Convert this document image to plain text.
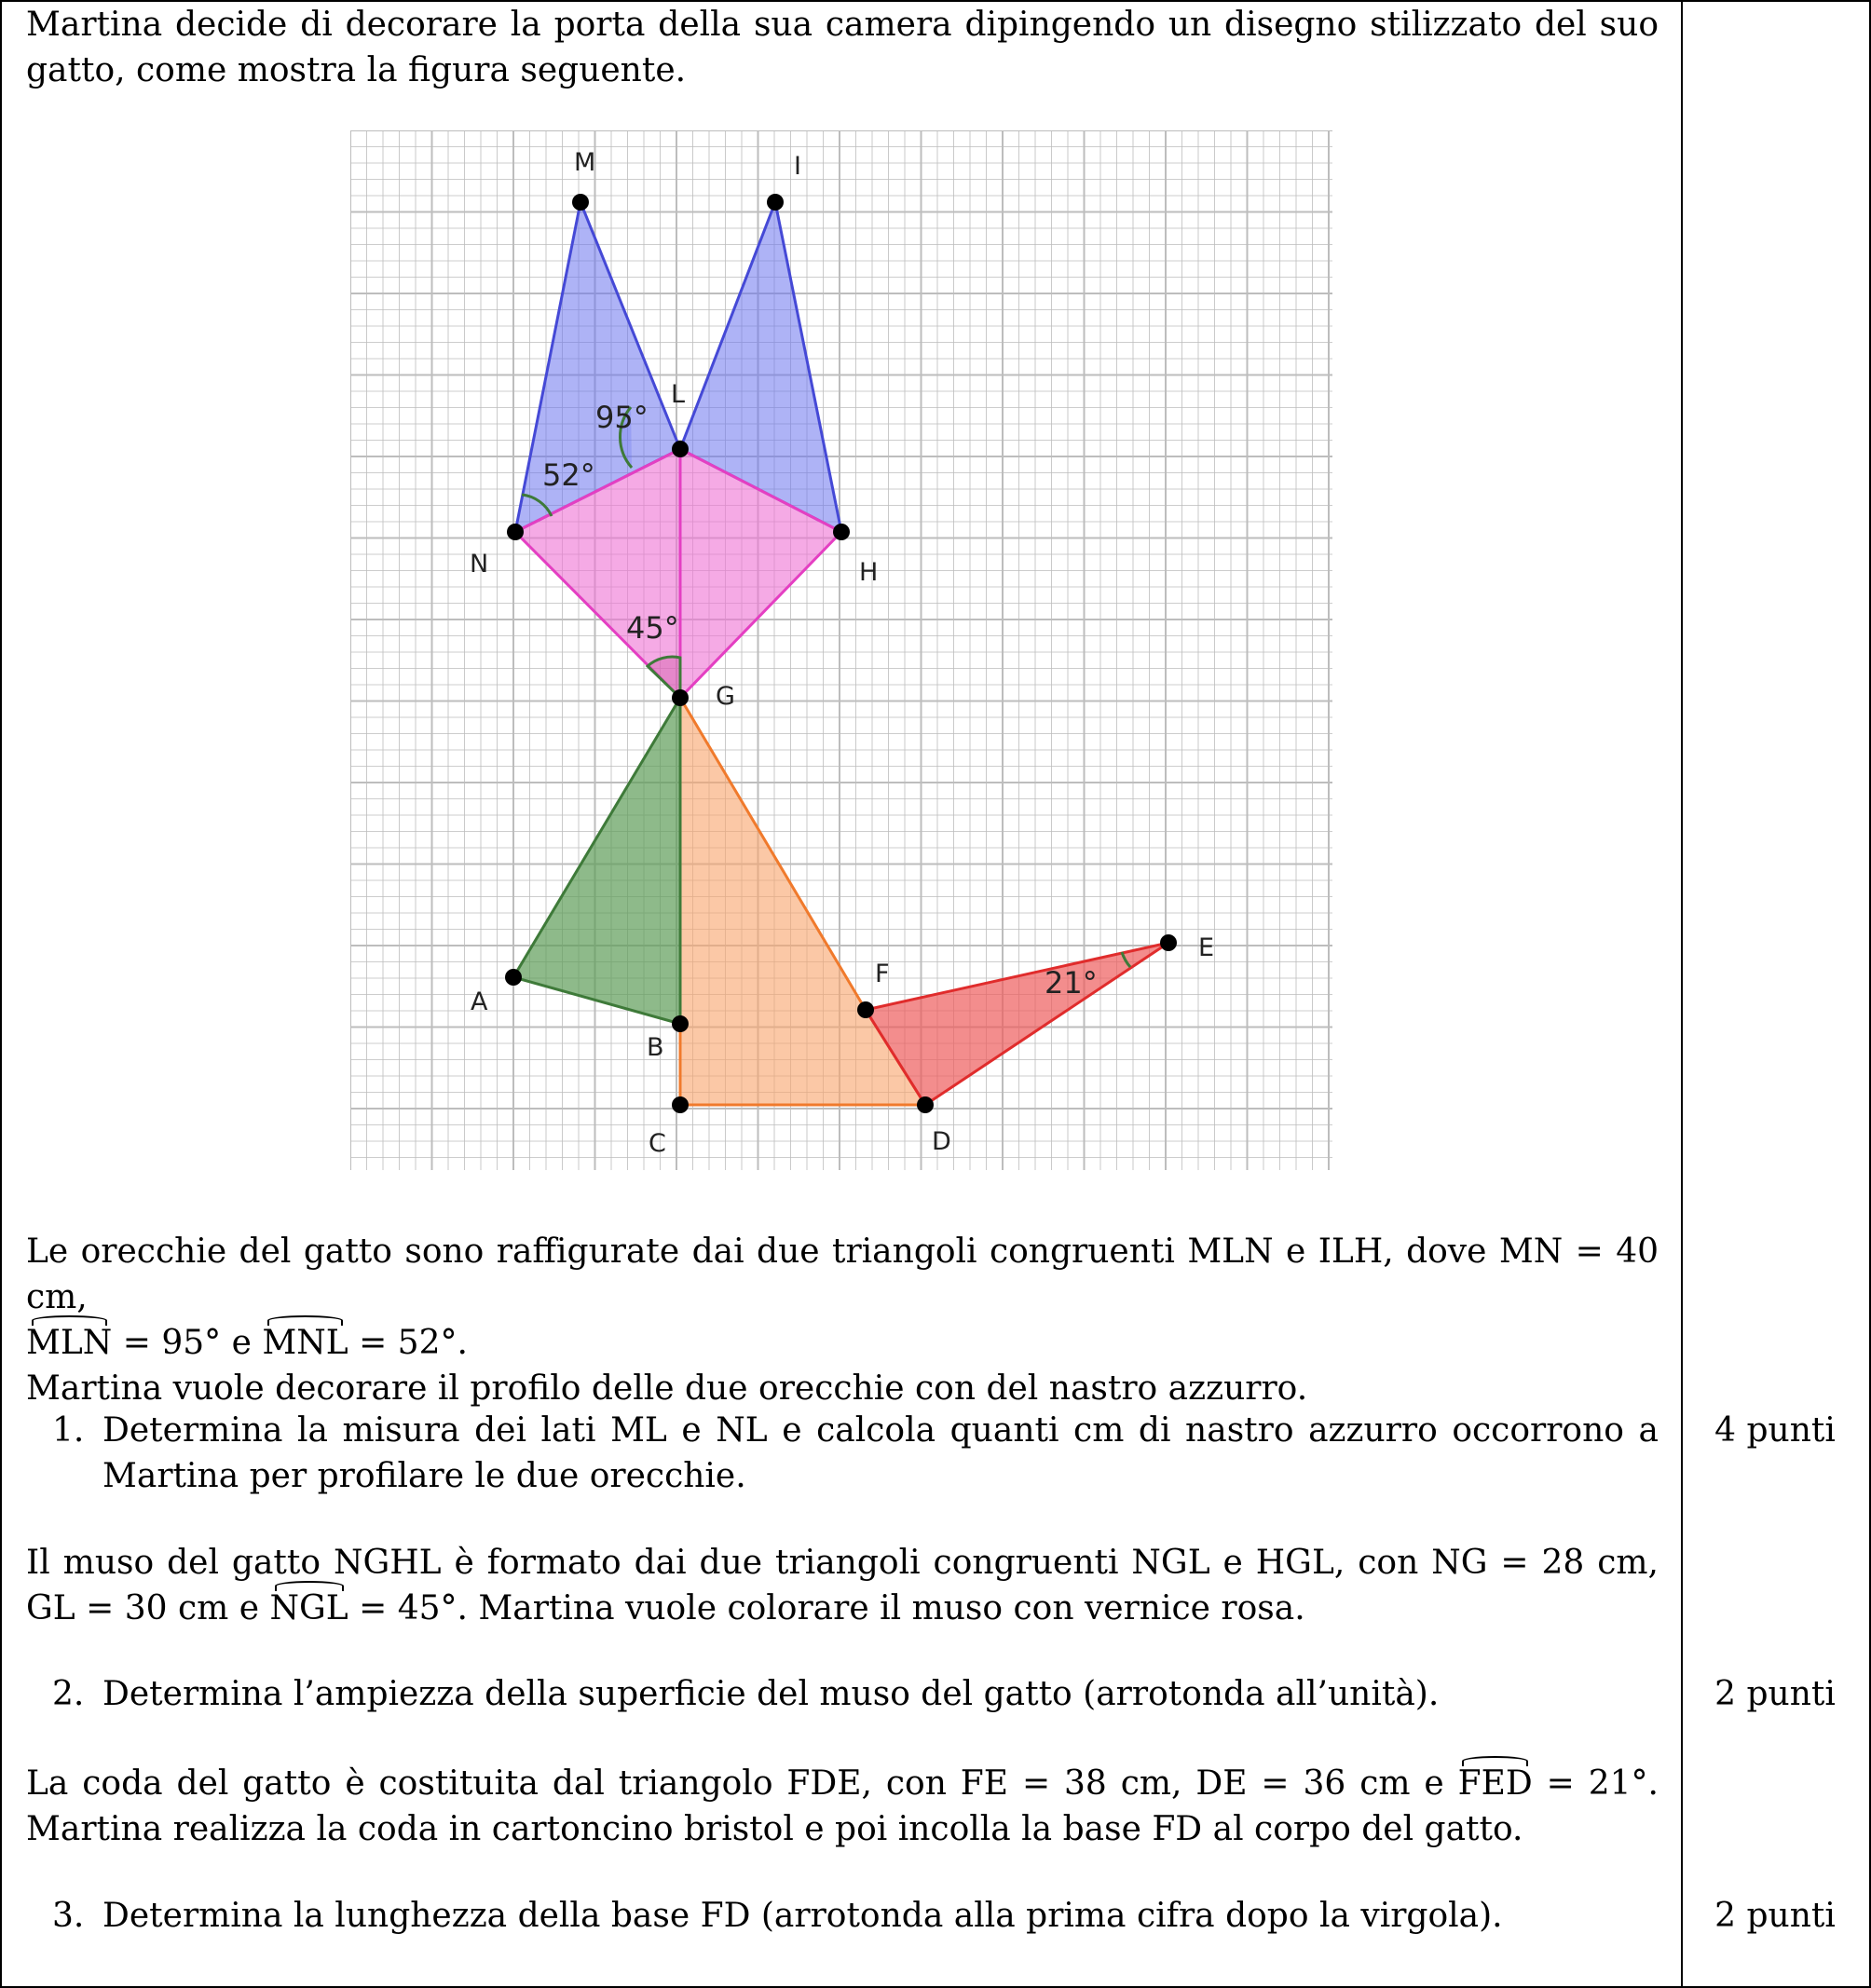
Martina decide di decorare la porta della sua camera dipingendo un disegno stilizzato del suo gatto, come mostra la figura seguente.
M	I
L
N	H
G
A
B
C	D
F
E
95°
52°
45°
21°
Le orecchie del gatto sono raffigurate dai due triangoli congruenti MLN e ILH, dove MN = 40 cm,
MLN = 95° e MNL = 52°.
Martina vuole decorare il profilo delle due orecchie con del nastro azzurro.
1. Determina la misura dei lati ML e NL e calcola quanti cm di nastro azzurro occorrono a Martina per profilare le due orecchie.
4 punti
Il muso del gatto NGHL è formato dai due triangoli congruenti NGL e HGL, con NG = 28 cm, GL = 30 cm e NGL = 45°. Martina vuole colorare il muso con vernice rosa.
2. Determina l’ampiezza della superficie del muso del gatto (arrotonda all’unità).	2 punti
La coda del gatto è costituita dal triangolo FDE, con FE = 38 cm, DE = 36 cm e FED = 21°. Martina realizza la coda in cartoncino bristol e poi incolla la base FD al corpo del gatto.
3. Determina la lunghezza della base FD (arrotonda alla prima cifra dopo la virgola).	2 punti
